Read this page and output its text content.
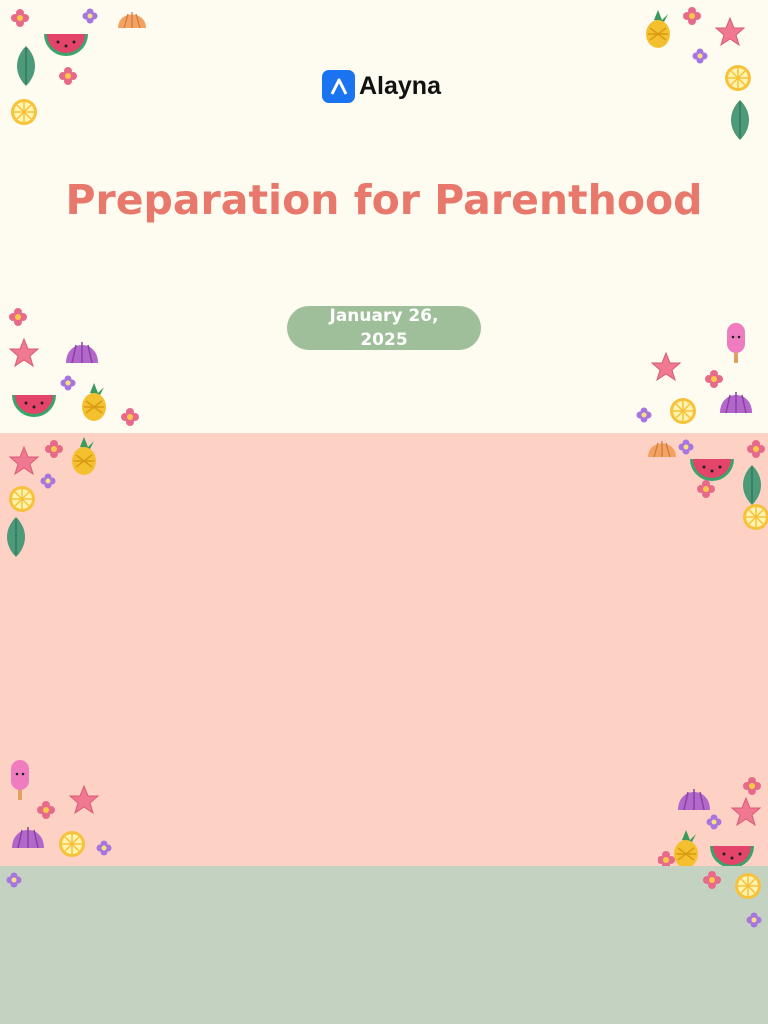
Alayna
Preparation for Parenthood
January 26, 2025
